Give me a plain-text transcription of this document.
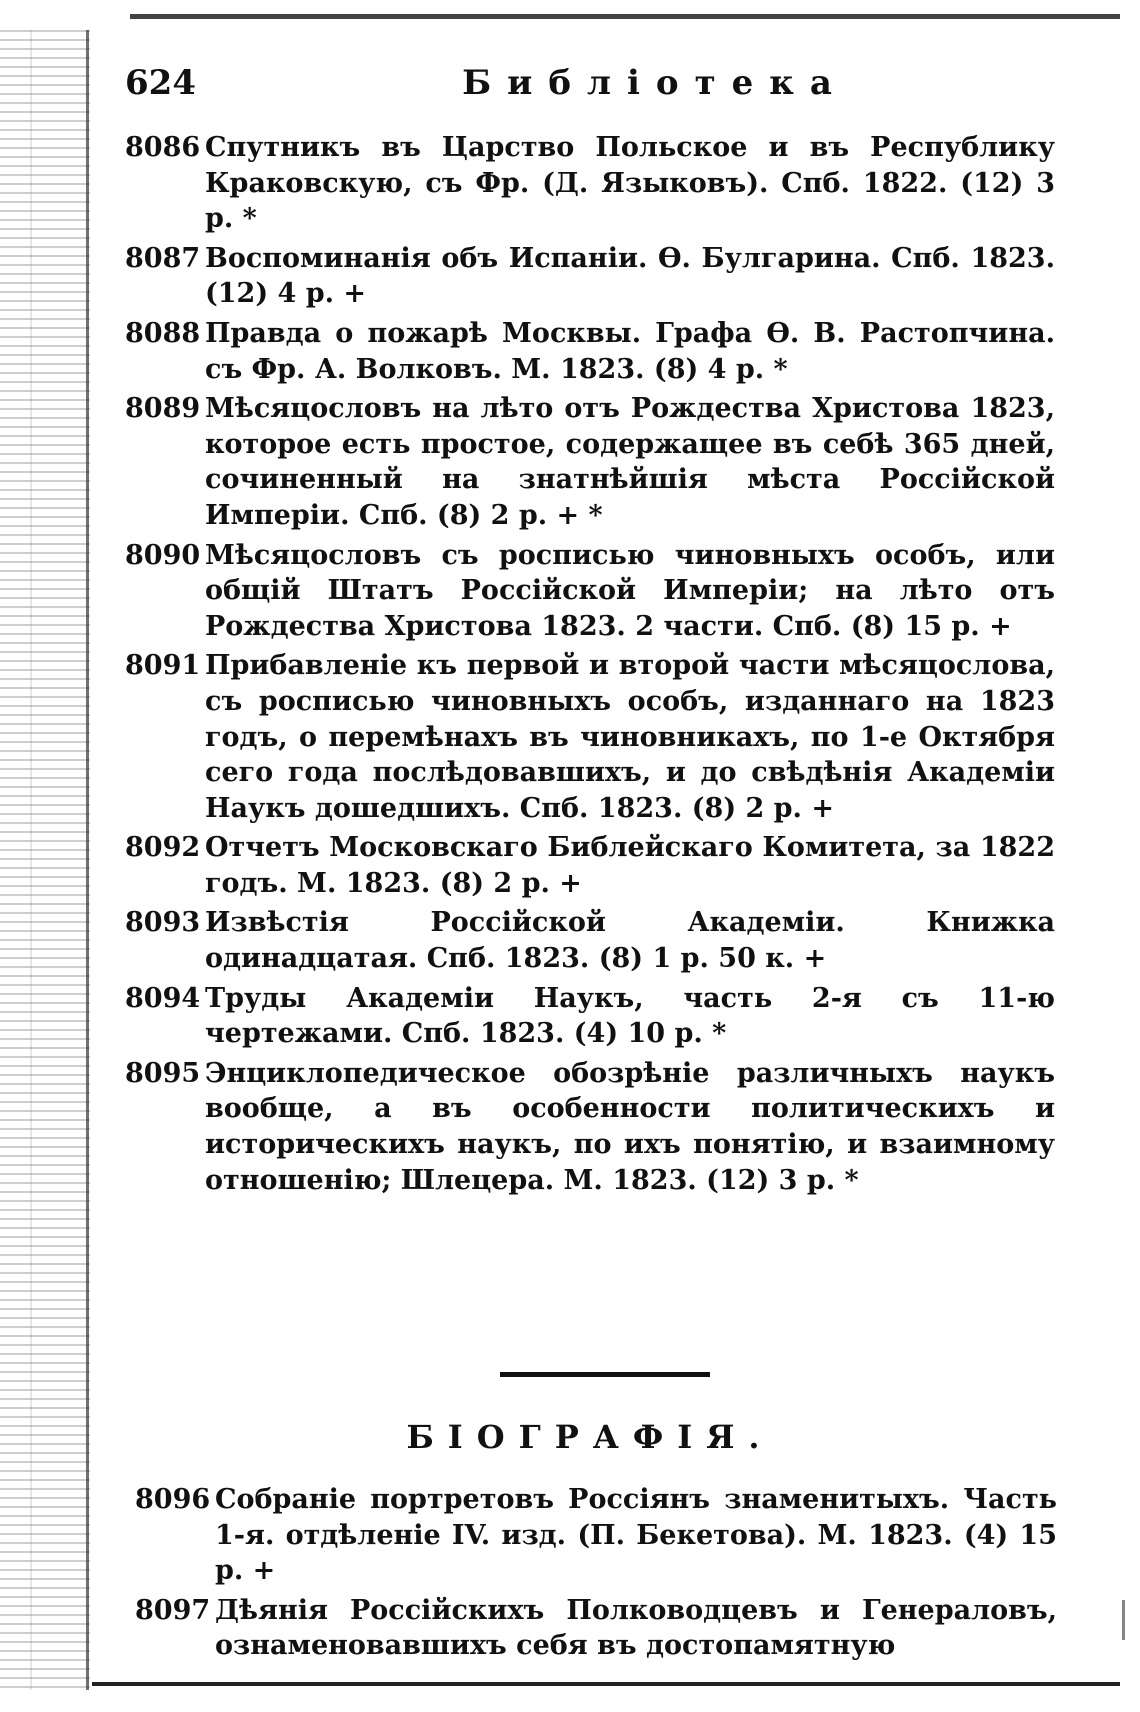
624	Библіотека

8086 Спутникъ въ Царство Польское и въ Республику Краковскую, съ Фр. (Д. Языковъ). Спб. 1822. (12) 3 р. *

8087 Воспоминанія объ Испаніи. Ѳ. Булгарина. Спб. 1823. (12) 4 р. +

8088 Правда о пожарѣ Москвы. Графа Ѳ. В. Растопчина. съ Фр. А. Волковъ. М. 1823. (8) 4 р. *

8089 Мѣсяцословъ на лѣто отъ Рождества Христова 1823, которое есть простое, содержащее въ себѣ 365 дней, сочиненный на знатнѣйшія мѣста Россійской Имперіи. Спб. (8) 2 р. + *

8090 Мѣсяцословъ съ росписью чиновныхъ особъ, или общій Штатъ Россійской Имперіи; на лѣто отъ Рождества Христова 1823. 2 части. Спб. (8) 15 р. +

8091 Прибавленіе къ первой и второй части мѣсяцослова, съ росписью чиновныхъ особъ, изданнаго на 1823 годъ, о перемѣнахъ въ чиновникахъ, по 1-е Октября сего года послѣдовавшихъ, и до свѣдѣнія Академіи Наукъ дошедшихъ. Спб. 1823. (8) 2 р. +

8092 Отчетъ Московскаго Библейскаго Комитета, за 1822 годъ. М. 1823. (8) 2 р. +

8093 Извѣстія Россійской Академіи. Книжка одинадцатая. Спб. 1823. (8) 1 р. 50 к. +

8094 Труды Академіи Наукъ, часть 2-я съ 11-ю чертежами. Спб. 1823. (4) 10 р. *

8095 Энциклопедическое обозрѣніе различныхъ наукъ вообще, а въ особенности политическихъ и историческихъ наукъ, по ихъ понятію, и взаимному отношенію; Шлецера. М. 1823. (12) 3 р. *

БІОГРАФІЯ.

8096 Собраніе портретовъ Россіянъ знаменитыхъ. Часть 1-я. отдѣленіе IV. изд. (П. Бекетова). М. 1823. (4) 15 р. +

8097 Дѣянія Россійскихъ Полководцевъ и Генераловъ, ознаменовавшихъ себя въ достопамятную
